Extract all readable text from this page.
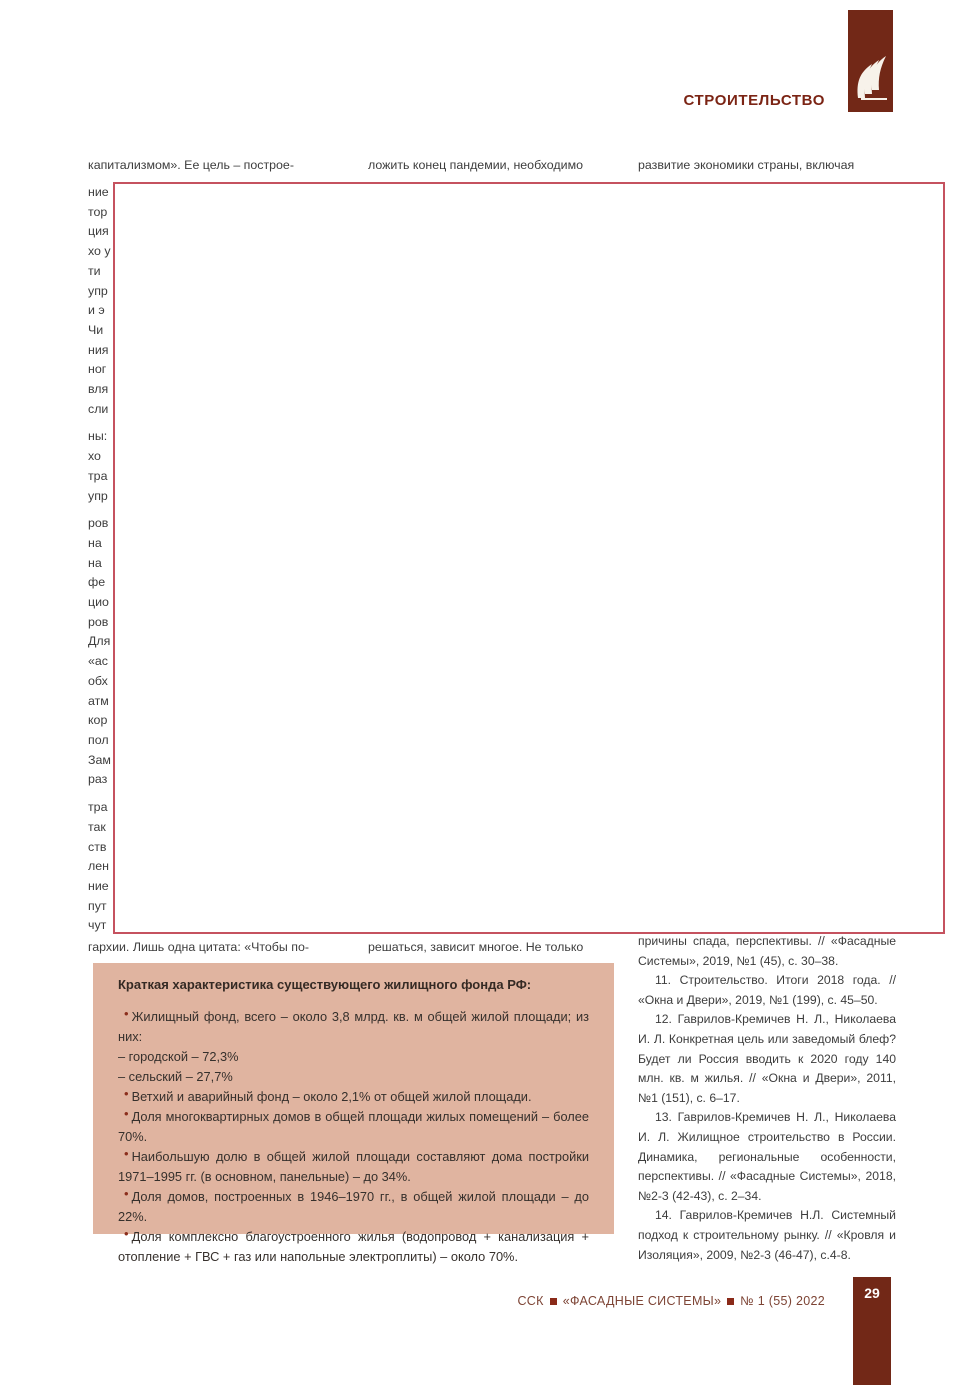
СТРОИТЕЛЬСТВО
капитализмом». Ее цель – построе-	ложить конец пандемии, необходимо	развитие экономики страны, включая
ние
тор
ция
хо у
ти
упр
и э
Чи
ния
ног
вля
сли
ны:
хо
тра
упр
ров
на
на
фе
цио
ров
Для
«ас
обх
атм
кор
пол
Зам
раз
тра
так
ств
лен
ние
пут
чут
гархии. Лишь одна цитата: «Чтобы по-	решаться, зависит многое. Не только
Краткая характеристика существующего жилищного фонда РФ:

• Жилищный фонд, всего – около 3,8 млрд. кв. м общей жилой площади; из них:

– городской – 72,3%

– сельский – 27,7%

• Ветхий и аварийный фонд – около 2,1% от общей жилой площади.

• Доля многоквартирных домов в общей площади жилых помещений – более 70%.

• Наибольшую долю в общей жилой площади составляют дома постройки 1971–1995 гг. (в основном, панельные) – до 34%.

• Доля домов, построенных в 1946–1970 гг., в общей жилой площади – до 22%.

• Доля комплексно благоустроенного жилья (водопровод + канализация + отопление + ГВС + газ или напольные электроплиты) – около 70%.

причины спада, перспективы. // «Фасадные Системы», 2019, №1 (45), с. 30–38.

11. Строительство. Итоги 2018 года. // «Окна и Двери», 2019, №1 (199), с. 45–50.

12. Гаврилов-Кремичев Н. Л., Николаева И. Л. Конкретная цель или заведомый блеф? Будет ли Россия вводить к 2020 году 140 млн. кв. м жилья. // «Окна и Двери», 2011, №1 (151), с. 6–17.

13. Гаврилов-Кремичев Н. Л., Николаева И. Л. Жилищное строительство в России. Динамика, региональные особенности, перспективы. // «Фасадные Системы», 2018, №2-3 (42-43), с. 2–34.

14. Гаврилов-Кремичев Н.Л. Системный подход к строительному рынку. // «Кровля и Изоляция», 2009, №2-3 (46-47), с.4-8.

ССК «ФАСАДНЫЕ СИСТЕМЫ» № 1 (55) 2022	29
